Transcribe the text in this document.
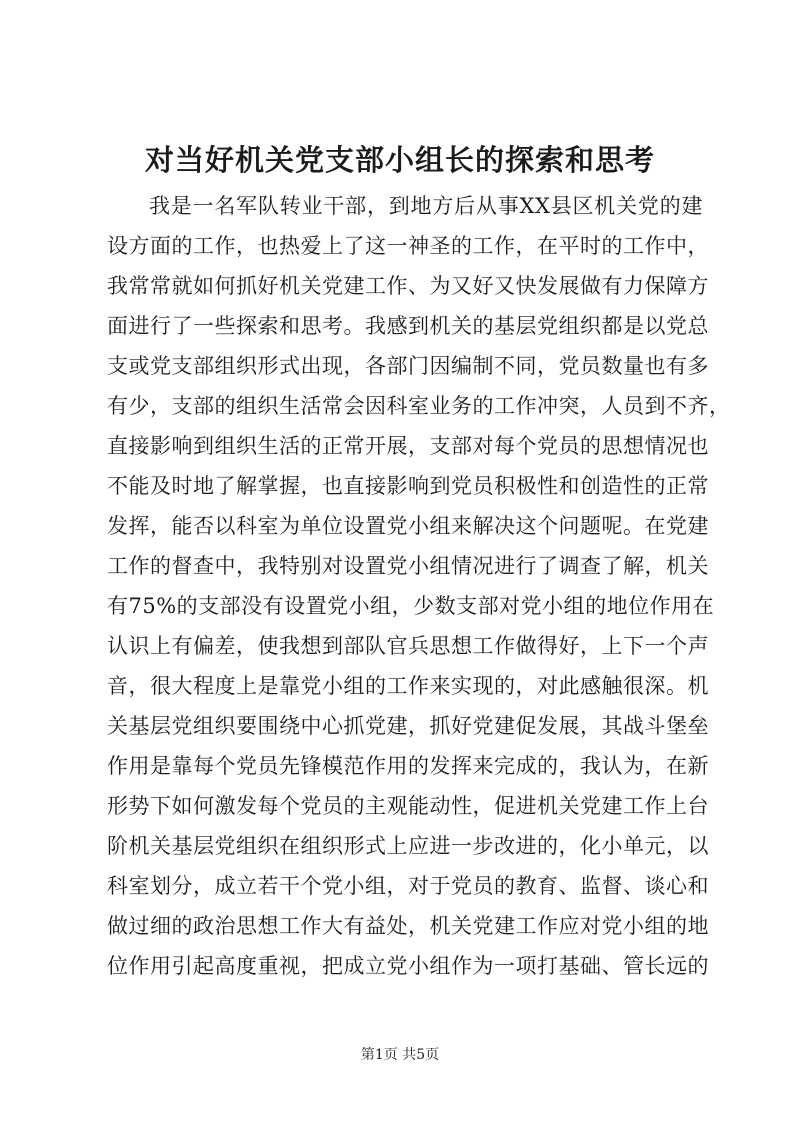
对当好机关党支部小组长的探索和思考
我是一名军队转业干部，到地方后从事XX县区机关党的建
设方面的工作，也热爱上了这一神圣的工作，在平时的工作中，
我常常就如何抓好机关党建工作、为又好又快发展做有力保障方
面进行了一些探索和思考。我感到机关的基层党组织都是以党总
支或党支部组织形式出现，各部门因编制不同，党员数量也有多
有少，支部的组织生活常会因科室业务的工作冲突，人员到不齐，
直接影响到组织生活的正常开展，支部对每个党员的思想情况也
不能及时地了解掌握，也直接影响到党员积极性和创造性的正常
发挥，能否以科室为单位设置党小组来解决这个问题呢。在党建
工作的督查中，我特别对设置党小组情况进行了调查了解，机关
有75%的支部没有设置党小组，少数支部对党小组的地位作用在
认识上有偏差，使我想到部队官兵思想工作做得好，上下一个声
音，很大程度上是靠党小组的工作来实现的，对此感触很深。机
关基层党组织要围绕中心抓党建，抓好党建促发展，其战斗堡垒
作用是靠每个党员先锋模范作用的发挥来完成的，我认为，在新
形势下如何激发每个党员的主观能动性，促进机关党建工作上台
阶机关基层党组织在组织形式上应进一步改进的，化小单元，以
科室划分，成立若干个党小组，对于党员的教育、监督、谈心和
做过细的政治思想工作大有益处，机关党建工作应对党小组的地
位作用引起高度重视，把成立党小组作为一项打基础、管长远的
第1页 共5页
